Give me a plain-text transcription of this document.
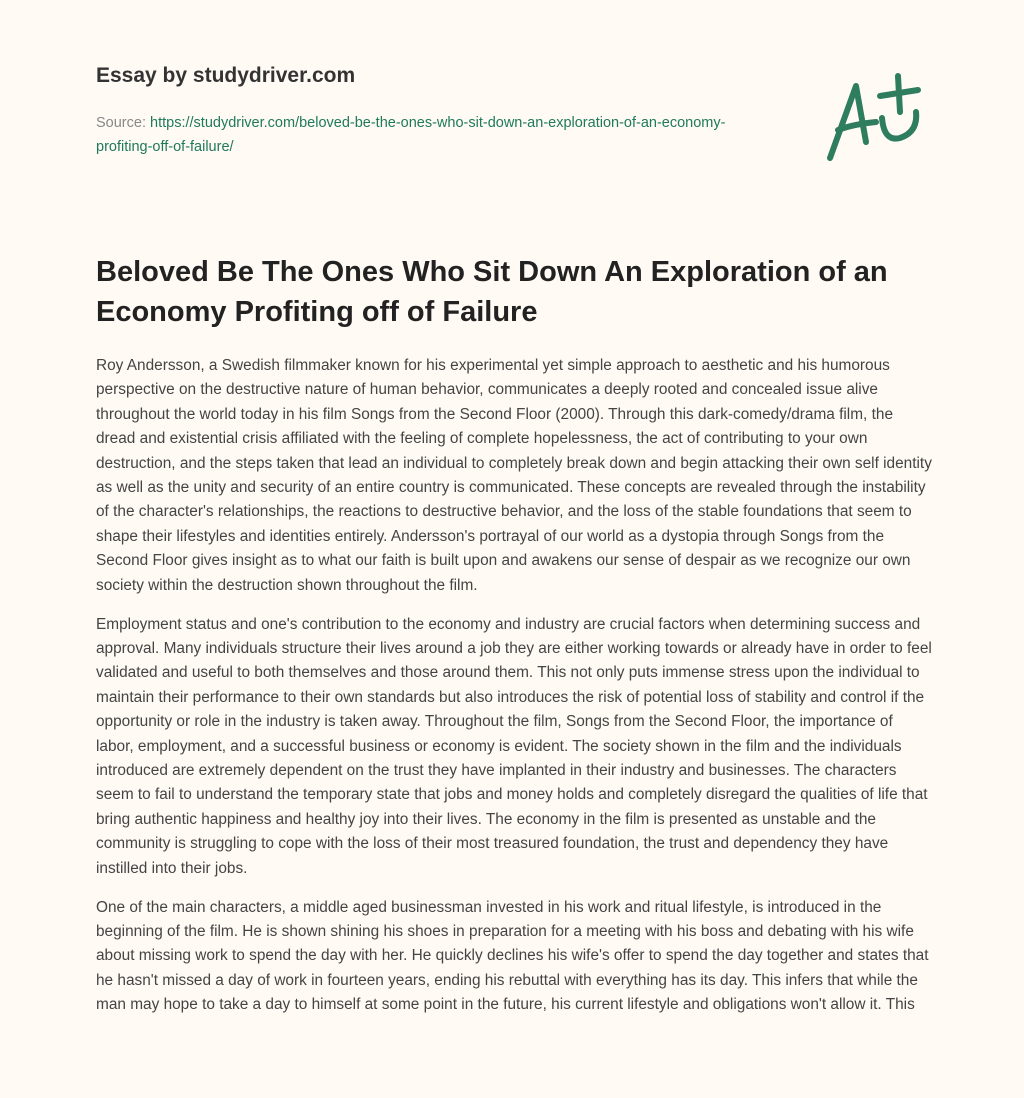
Essay by studydriver.com
Source: https://studydriver.com/beloved-be-the-ones-who-sit-down-an-exploration-of-an-economy-profiting-off-of-failure/
Beloved Be The Ones Who Sit Down An Exploration of an Economy Profiting off of Failure

Roy Andersson, a Swedish filmmaker known for his experimental yet simple approach to aesthetic and his humorous perspective on the destructive nature of human behavior, communicates a deeply rooted and concealed issue alive throughout the world today in his film Songs from the Second Floor (2000). Through this dark-comedy/drama film, the dread and existential crisis affiliated with the feeling of complete hopelessness, the act of contributing to your own destruction, and the steps taken that lead an individual to completely break down and begin attacking their own self identity as well as the unity and security of an entire country is communicated. These concepts are revealed through the instability of the character's relationships, the reactions to destructive behavior, and the loss of the stable foundations that seem to shape their lifestyles and identities entirely. Andersson's portrayal of our world as a dystopia through Songs from the Second Floor gives insight as to what our faith is built upon and awakens our sense of despair as we recognize our own society within the destruction shown throughout the film.

Employment status and one's contribution to the economy and industry are crucial factors when determining success and approval. Many individuals structure their lives around a job they are either working towards or already have in order to feel validated and useful to both themselves and those around them. This not only puts immense stress upon the individual to maintain their performance to their own standards but also introduces the risk of potential loss of stability and control if the opportunity or role in the industry is taken away. Throughout the film, Songs from the Second Floor, the importance of labor, employment, and a successful business or economy is evident. The society shown in the film and the individuals introduced are extremely dependent on the trust they have implanted in their industry and businesses. The characters seem to fail to understand the temporary state that jobs and money holds and completely disregard the qualities of life that bring authentic happiness and healthy joy into their lives. The economy in the film is presented as unstable and the community is struggling to cope with the loss of their most treasured foundation, the trust and dependency they have instilled into their jobs.

One of the main characters, a middle aged businessman invested in his work and ritual lifestyle, is introduced in the beginning of the film. He is shown shining his shoes in preparation for a meeting with his boss and debating with his wife about missing work to spend the day with her. He quickly declines his wife's offer to spend the day together and states that he hasn't missed a day of work in fourteen years, ending his rebuttal with everything has its day. This infers that while the man may hope to take a day to himself at some point in the future, his current lifestyle and obligations won't allow it. This
